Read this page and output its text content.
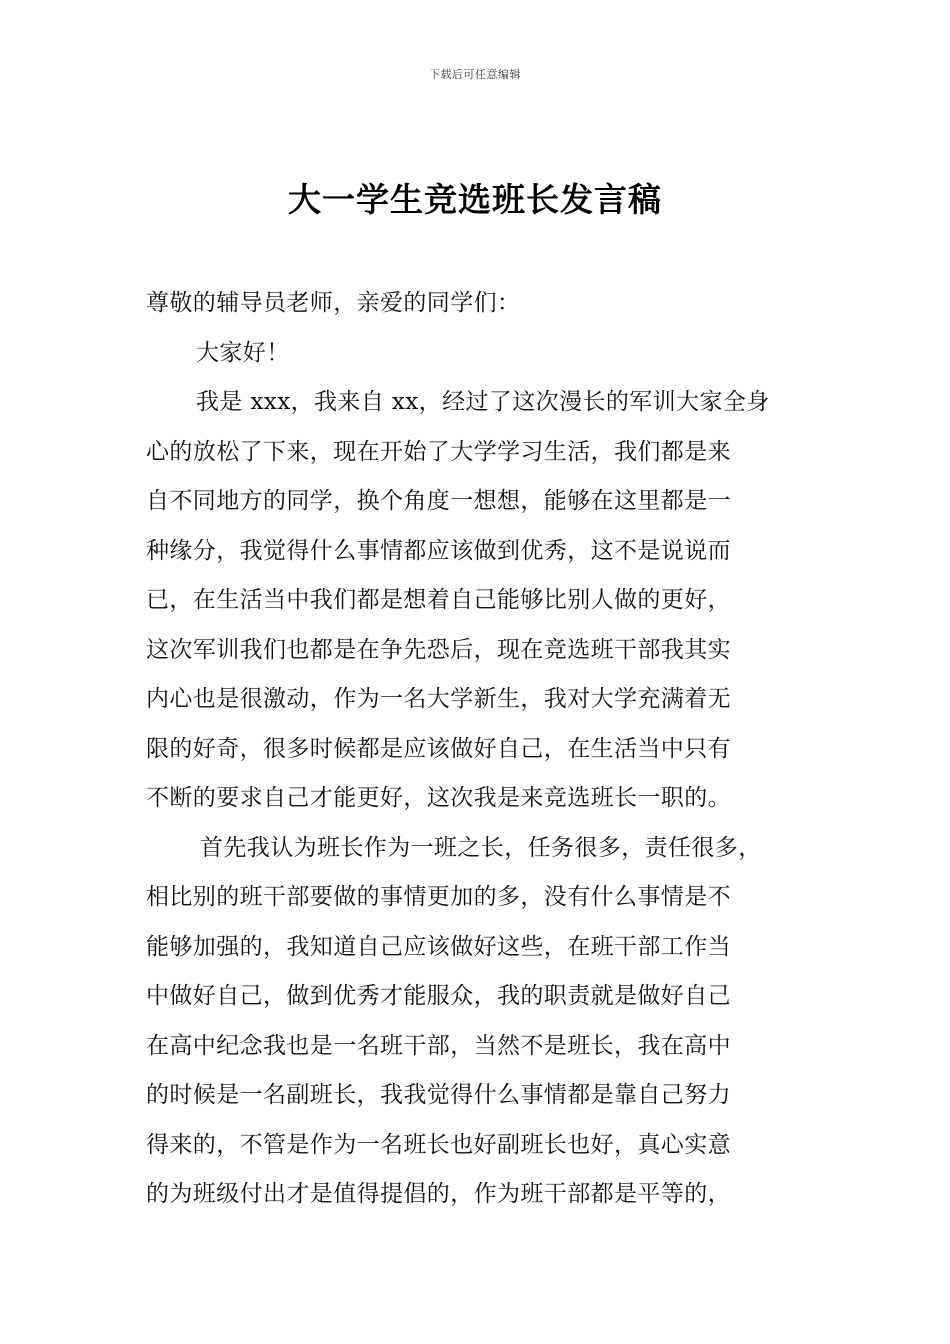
下载后可任意编辑
大一学生竞选班长发言稿
尊敬的辅导员老师，亲爱的同学们：
大家好！
我是 xxx，我来自 xx，经过了这次漫长的军训大家全身
心的放松了下来，现在开始了大学学习生活，我们都是来
自不同地方的同学，换个角度一想想，能够在这里都是一
种缘分，我觉得什么事情都应该做到优秀，这不是说说而
已，在生活当中我们都是想着自己能够比别人做的更好，
这次军训我们也都是在争先恐后，现在竞选班干部我其实
内心也是很激动，作为一名大学新生，我对大学充满着无
限的好奇，很多时候都是应该做好自己，在生活当中只有
不断的要求自己才能更好，这次我是来竞选班长一职的。
首先我认为班长作为一班之长，任务很多，责任很多，
相比别的班干部要做的事情更加的多，没有什么事情是不
能够加强的，我知道自己应该做好这些，在班干部工作当
中做好自己，做到优秀才能服众，我的职责就是做好自己
在高中纪念我也是一名班干部，当然不是班长，我在高中
的时候是一名副班长，我我觉得什么事情都是靠自己努力
得来的，不管是作为一名班长也好副班长也好，真心实意
的为班级付出才是值得提倡的，作为班干部都是平等的，
